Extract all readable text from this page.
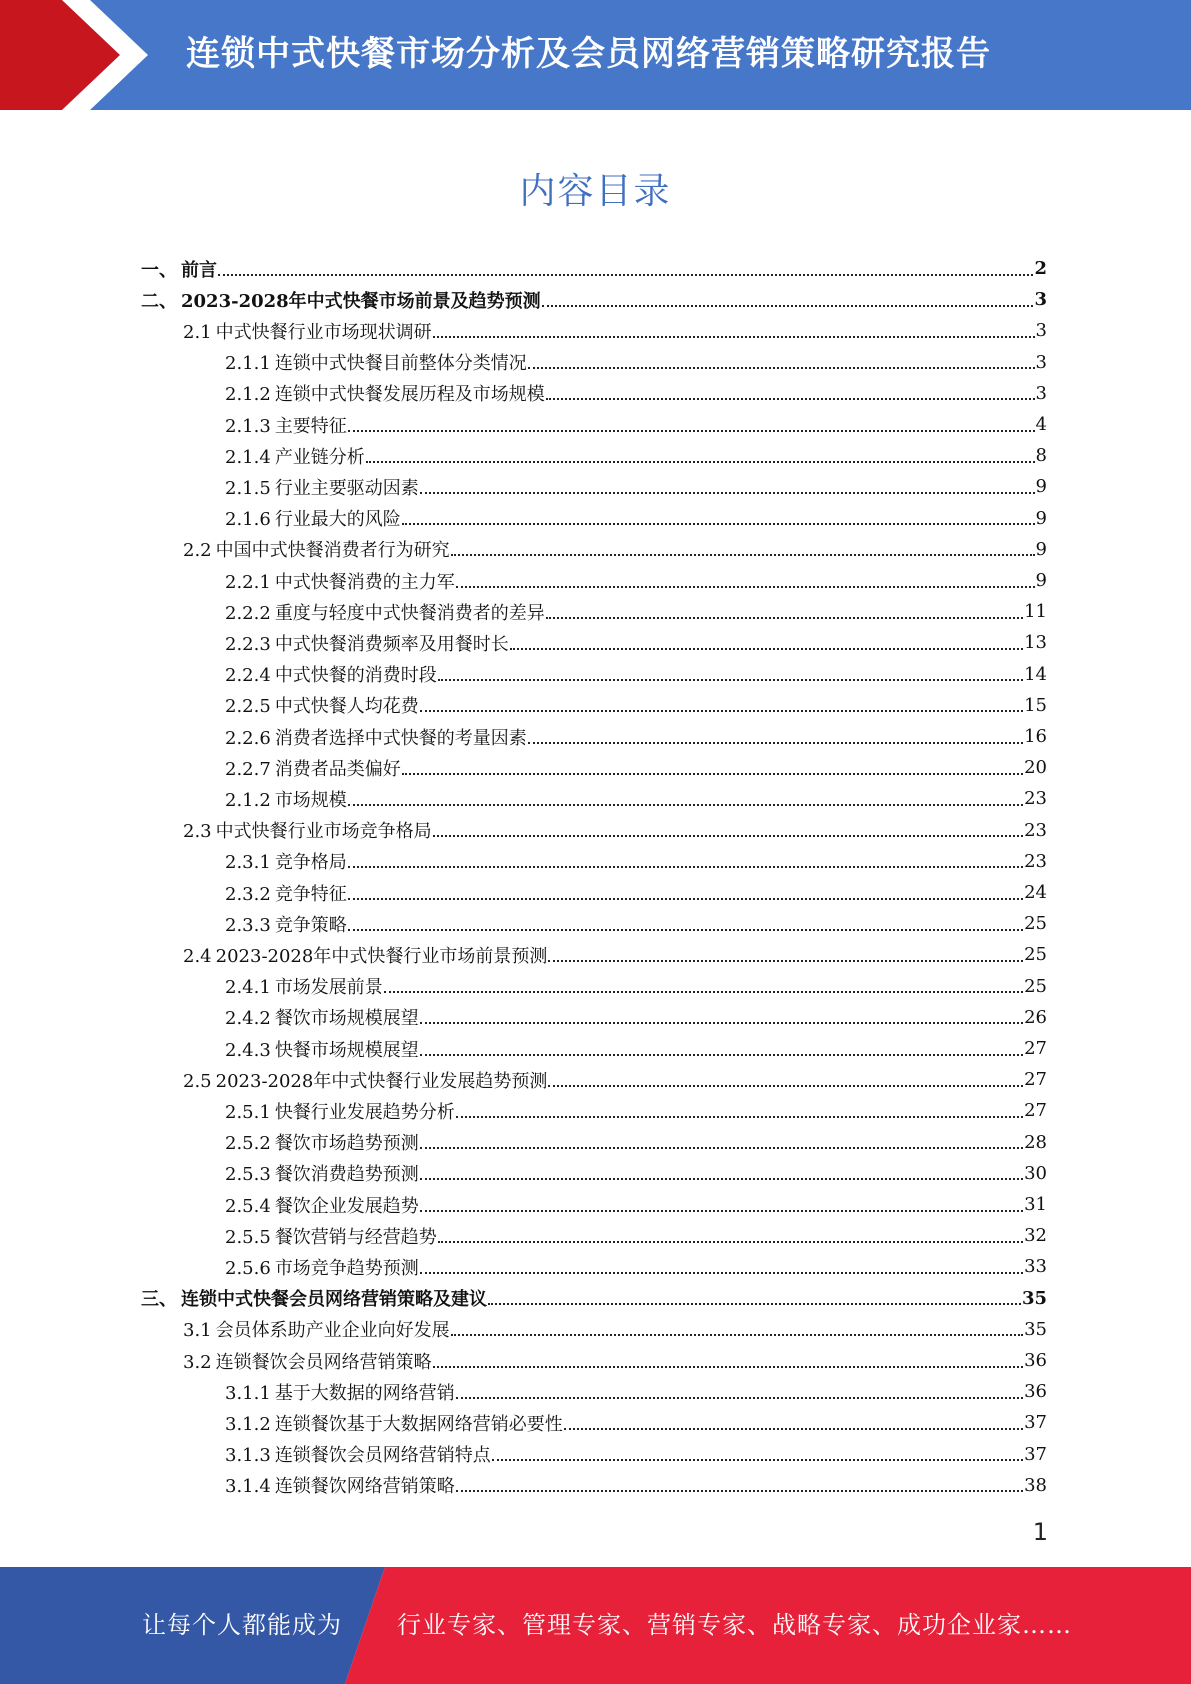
连锁中式快餐市场分析及会员网络营销策略研究报告
内容目录
一、 前言	2
二、 2023-2028年中式快餐市场前景及趋势预测	3
2.1 中式快餐行业市场现状调研	3
2.1.1 连锁中式快餐目前整体分类情况	3
2.1.2 连锁中式快餐发展历程及市场规模	3
2.1.3 主要特征	4
2.1.4 产业链分析	8
2.1.5 行业主要驱动因素	9
2.1.6 行业最大的风险	9
2.2 中国中式快餐消费者行为研究	9
2.2.1 中式快餐消费的主力军	9
2.2.2 重度与轻度中式快餐消费者的差异	11
2.2.3 中式快餐消费频率及用餐时长	13
2.2.4 中式快餐的消费时段	14
2.2.5 中式快餐人均花费	15
2.2.6 消费者选择中式快餐的考量因素	16
2.2.7 消费者品类偏好	20
2.1.2 市场规模	23
2.3 中式快餐行业市场竞争格局	23
2.3.1 竞争格局	23
2.3.2 竞争特征	24
2.3.3 竞争策略	25
2.4 2023-2028年中式快餐行业市场前景预测	25
2.4.1 市场发展前景	25
2.4.2 餐饮市场规模展望	26
2.4.3 快餐市场规模展望	27
2.5 2023-2028年中式快餐行业发展趋势预测	27
2.5.1 快餐行业发展趋势分析	27
2.5.2 餐饮市场趋势预测	28
2.5.3 餐饮消费趋势预测	30
2.5.4 餐饮企业发展趋势	31
2.5.5 餐饮营销与经营趋势	32
2.5.6 市场竞争趋势预测	33
三、 连锁中式快餐会员网络营销策略及建议	35
3.1 会员体系助产业企业向好发展	35
3.2 连锁餐饮会员网络营销策略	36
3.1.1 基于大数据的网络营销	36
3.1.2 连锁餐饮基于大数据网络营销必要性	37
3.1.3 连锁餐饮会员网络营销特点	37
3.1.4 连锁餐饮网络营销策略	38
1
让每个人都能成为 行业专家、管理专家、营销专家、战略专家、成功企业家……
